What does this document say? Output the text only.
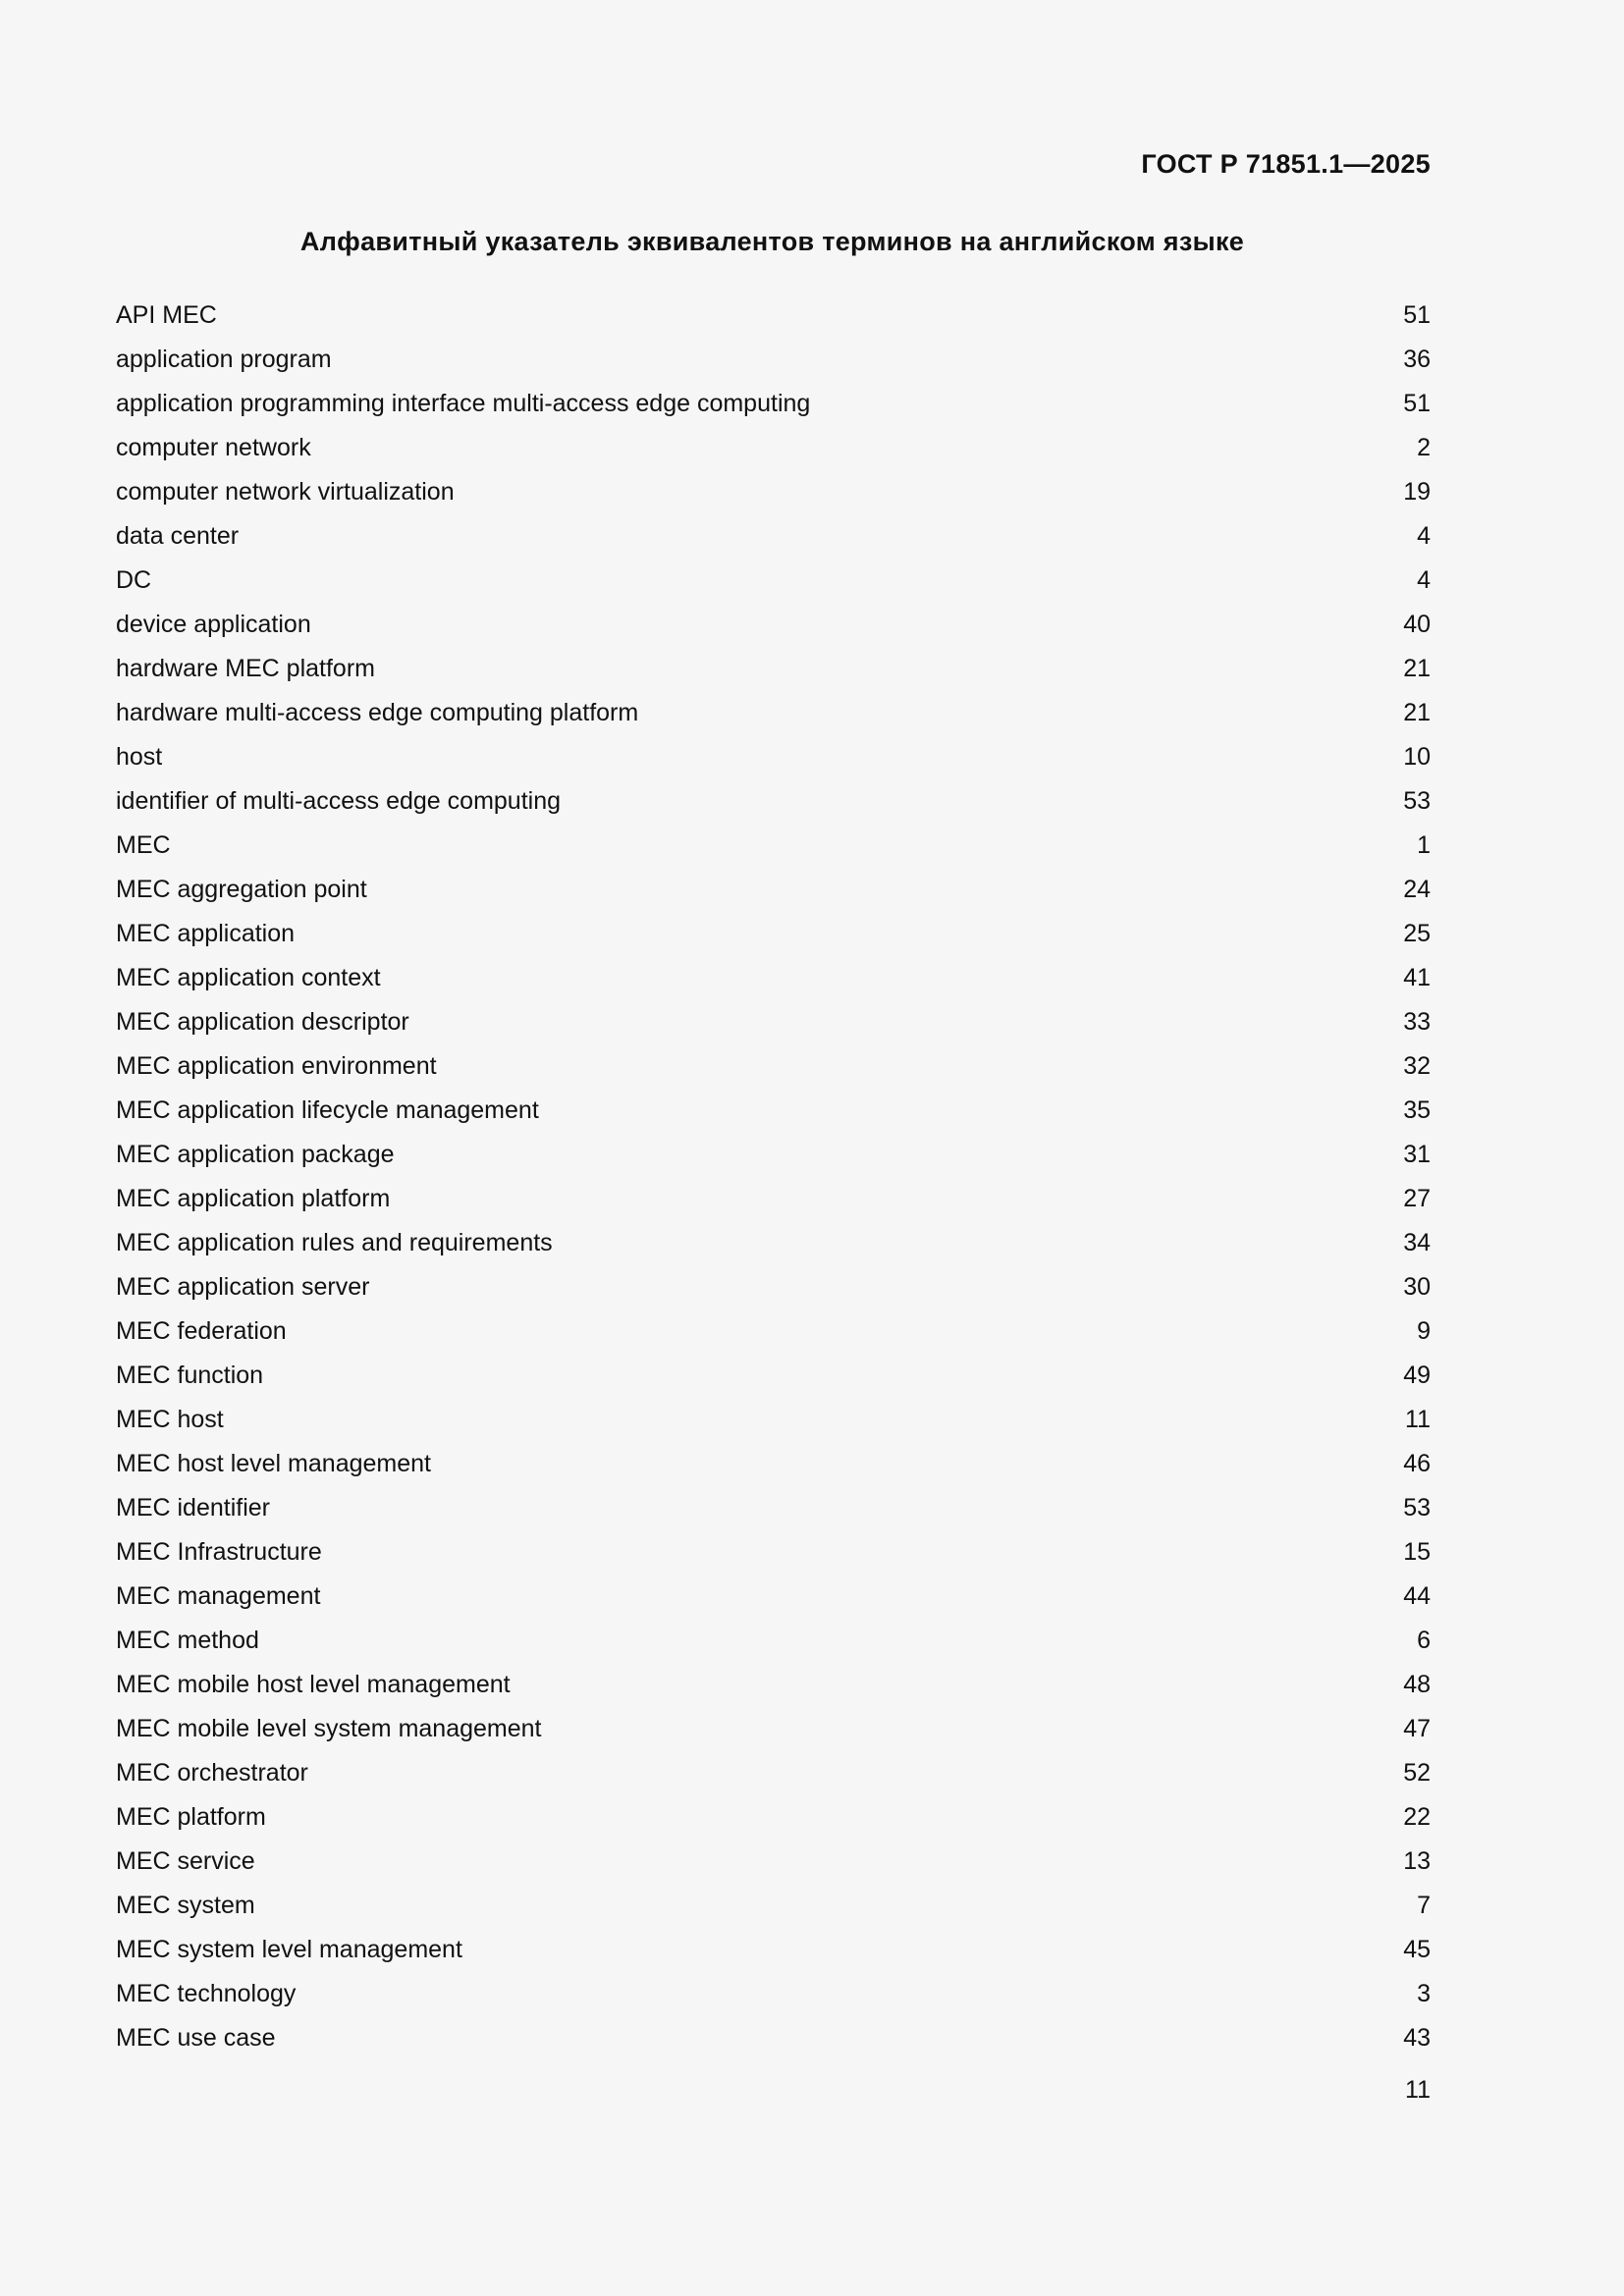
ГОСТ Р 71851.1—2025
Алфавитный указатель эквивалентов терминов на английском языке
API MEC	51
application program	36
application programming interface multi-access edge computing	51
computer network	2
computer network virtualization	19
data center	4
DC	4
device application	40
hardware MEC platform	21
hardware multi-access edge computing platform	21
host	10
identifier of multi-access edge computing	53
MEC	1
MEC aggregation point	24
MEC application	25
MEC application context	41
MEC application descriptor	33
MEC application environment	32
MEC application lifecycle management	35
MEC application package	31
MEC application platform	27
MEC application rules and requirements	34
MEC application server	30
MEC federation	9
MEC function	49
MEC host	11
MEC host level management	46
MEC identifier	53
MEC Infrastructure	15
MEC management	44
MEC method	6
MEC mobile host level management	48
MEC mobile level system management	47
MEC orchestrator	52
MEC platform	22
MEC service	13
MEC system	7
MEC system level management	45
MEC technology	3
MEC use case	43
11
